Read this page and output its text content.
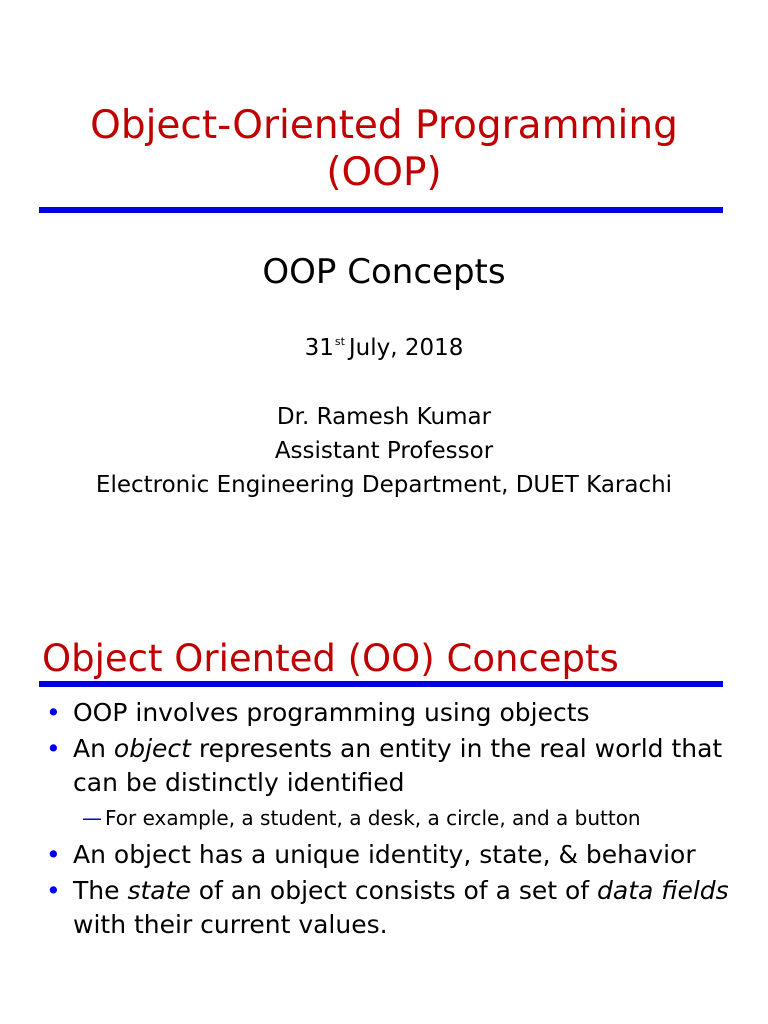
Object-Oriented Programming
(OOP)
OOP Concepts
31st July, 2018
Dr. Ramesh Kumar
Assistant Professor
Electronic Engineering Department, DUET Karachi
Object Oriented (OO) Concepts
• OOP involves programming using objects
• An object represents an entity in the real world that can be distinctly identified
— For example, a student, a desk, a circle, and a button
• An object has a unique identity, state, & behavior
• The state of an object consists of a set of data fields with their current values.
